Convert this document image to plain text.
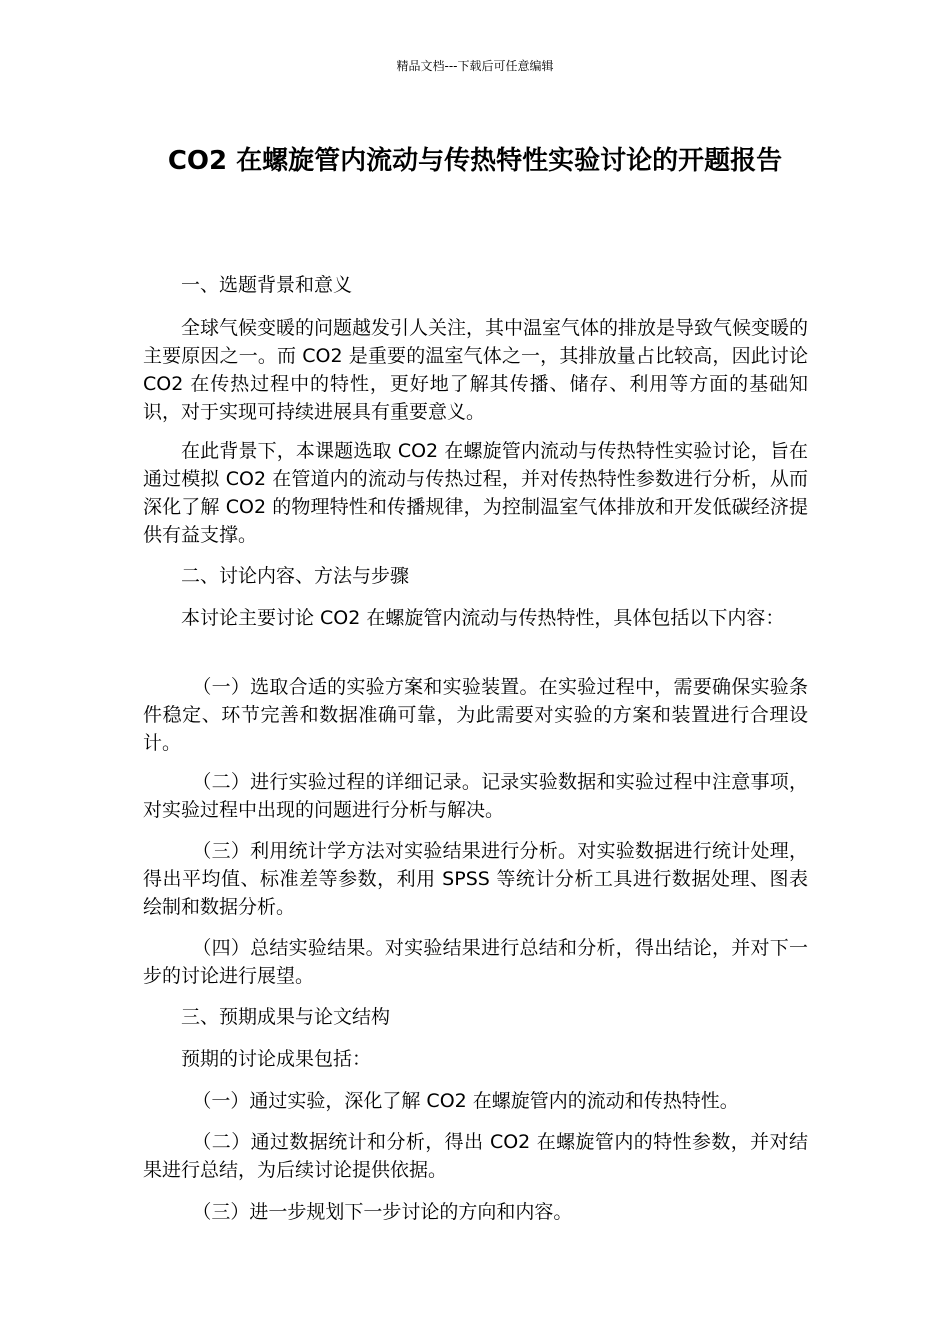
精品文档---下载后可任意编辑
CO2 在螺旋管内流动与传热特性实验讨论的开题报告

一、选题背景和意义

全球气候变暖的问题越发引人关注，其中温室气体的排放是导致气候变暖的主要原因之一。而 CO2 是重要的温室气体之一，其排放量占比较高，因此讨论 CO2 在传热过程中的特性，更好地了解其传播、储存、利用等方面的基础知识，对于实现可持续进展具有重要意义。

在此背景下，本课题选取 CO2 在螺旋管内流动与传热特性实验讨论，旨在通过模拟 CO2 在管道内的流动与传热过程，并对传热特性参数进行分析，从而深化了解 CO2 的物理特性和传播规律，为控制温室气体排放和开发低碳经济提供有益支撑。

二、讨论内容、方法与步骤

本讨论主要讨论 CO2 在螺旋管内流动与传热特性，具体包括以下内容：

（一）选取合适的实验方案和实验装置。在实验过程中，需要确保实验条件稳定、环节完善和数据准确可靠，为此需要对实验的方案和装置进行合理设计。

（二）进行实验过程的详细记录。记录实验数据和实验过程中注意事项，对实验过程中出现的问题进行分析与解决。

（三）利用统计学方法对实验结果进行分析。对实验数据进行统计处理，得出平均值、标准差等参数，利用 SPSS 等统计分析工具进行数据处理、图表绘制和数据分析。

（四）总结实验结果。对实验结果进行总结和分析，得出结论，并对下一步的讨论进行展望。

三、预期成果与论文结构

预期的讨论成果包括：

（一）通过实验，深化了解 CO2 在螺旋管内的流动和传热特性。

（二）通过数据统计和分析，得出 CO2 在螺旋管内的特性参数，并对结果进行总结，为后续讨论提供依据。

（三）进一步规划下一步讨论的方向和内容。
